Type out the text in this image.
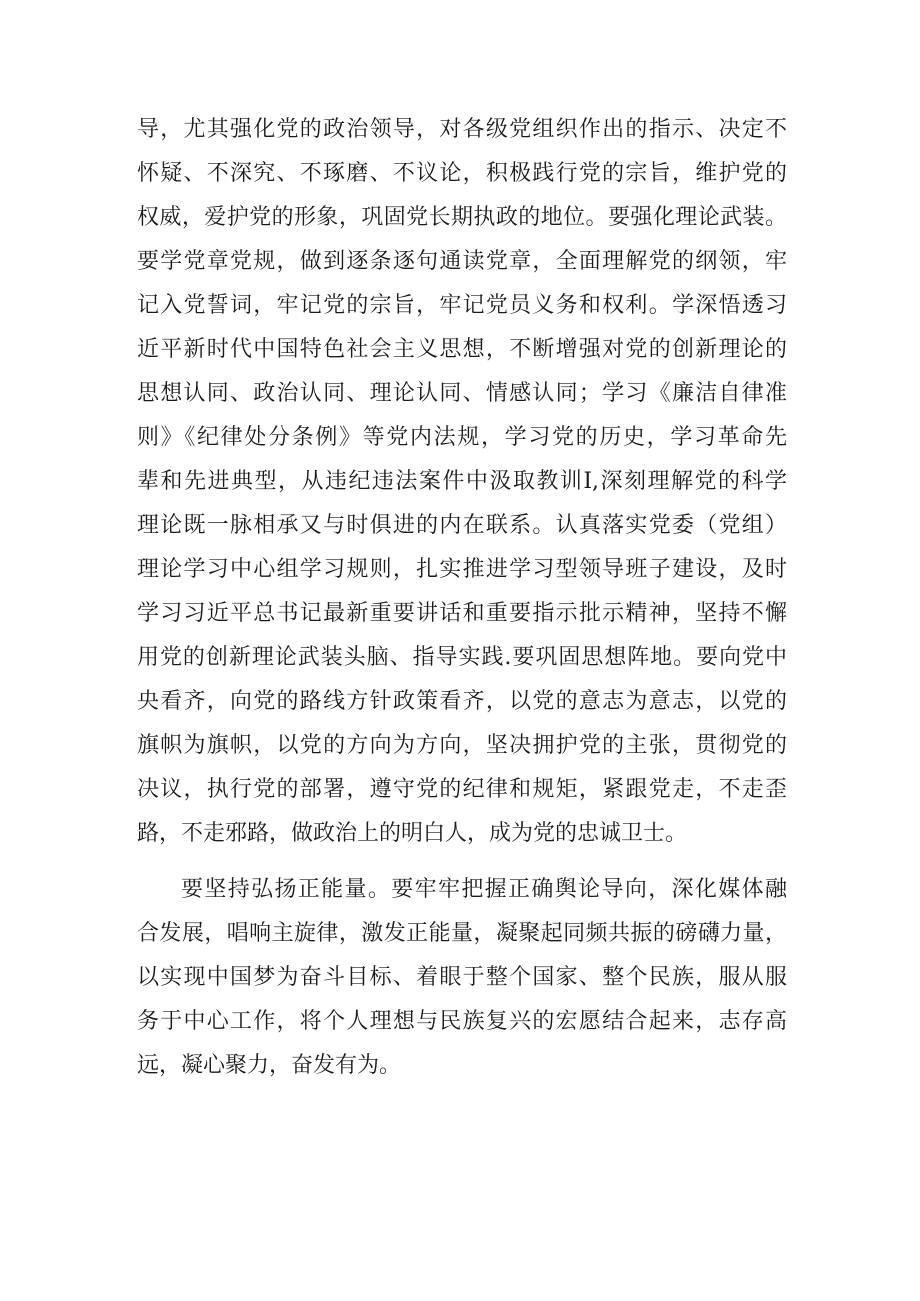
导，尤其强化党的政治领导，对各级党组织作出的指示、决定不
怀疑、不深究、不琢磨、不议论，积极践行党的宗旨，维护党的
权威，爱护党的形象，巩固党长期执政的地位。要强化理论武装。
要学党章党规，做到逐条逐句通读党章，全面理解党的纲领，牢
记入党誓词，牢记党的宗旨，牢记党员义务和权利。学深悟透习
近平新时代中国特色社会主义思想，不断增强对党的创新理论的
思想认同、政治认同、理论认同、情感认同；学习《廉洁自律准
则》《纪律处分条例》等党内法规，学习党的历史，学习革命先
辈和先进典型，从违纪违法案件中汲取教训I,深刻理解党的科学
理论既一脉相承又与时俱进的内在联系。认真落实党委（党组）
理论学习中心组学习规则，扎实推进学习型领导班子建设，及时
学习习近平总书记最新重要讲话和重要指示批示精神，坚持不懈
用党的创新理论武装头脑、指导实践.要巩固思想阵地。要向党中
央看齐，向党的路线方针政策看齐，以党的意志为意志，以党的
旗帜为旗帜，以党的方向为方向，坚决拥护党的主张，贯彻党的
决议，执行党的部署，遵守党的纪律和规矩，紧跟党走，不走歪
路，不走邪路，做政治上的明白人，成为党的忠诚卫士。
要坚持弘扬正能量。要牢牢把握正确舆论导向，深化媒体融
合发展，唱响主旋律，激发正能量，凝聚起同频共振的磅礴力量，
以实现中国梦为奋斗目标、着眼于整个国家、整个民族，服从服
务于中心工作，将个人理想与民族复兴的宏愿结合起来，志存高
远，凝心聚力，奋发有为。
